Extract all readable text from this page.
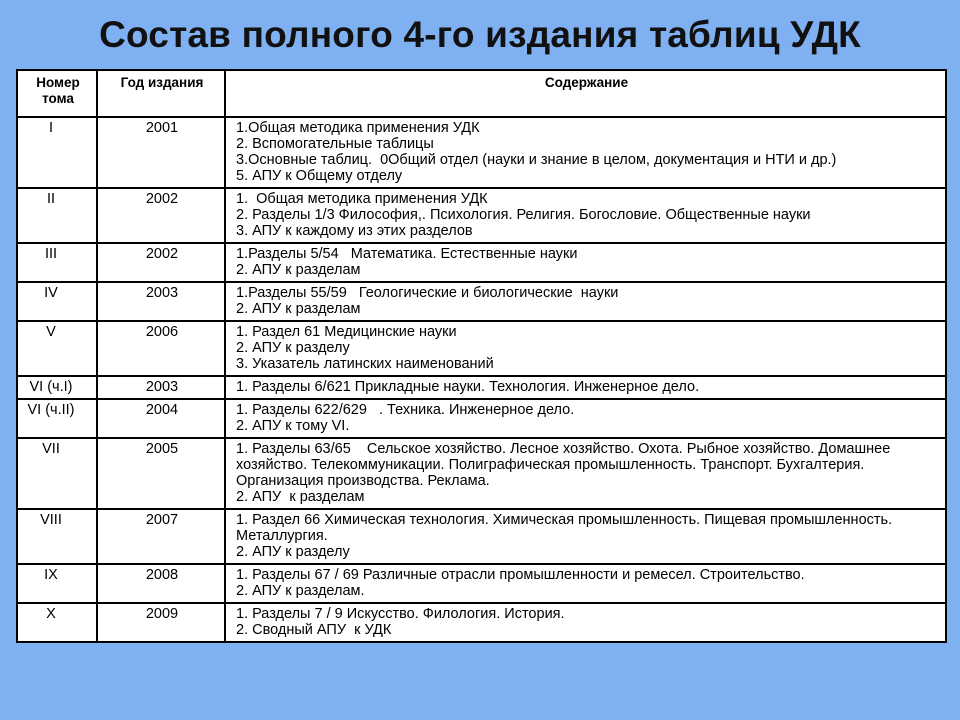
Состав полного 4-го издания таблиц УДК
Номер тома	Год издания	Содержание
I	2001	1.Общая методика применения УДК
2. Вспомогательные таблицы
3.Основные таблиц.  0Общий отдел (науки и знание в целом, документация и НТИ и др.)
5. АПУ к Общему отделу

II	2002	1.  Общая методика применения УДК
2. Разделы 1/3 Философия,. Психология. Религия. Богословие. Общественные науки
3. АПУ к каждому из этих разделов

III	2002	1.Разделы 5/54   Математика. Естественные науки
2. АПУ к разделам

IV	2003	1.Разделы 55/59   Геологические и биологические  науки
2. АПУ к разделам

V	2006	1. Раздел 61 Медицинские науки
2. АПУ к разделу
3. Указатель латинских наименований

VI (ч.I)	2003	1. Разделы 6/621 Прикладные науки. Технология. Инженерное дело.

VI (ч.II)	2004	1. Разделы 622/629   . Техника. Инженерное дело.
2. АПУ к тому VI.

VII	2005	1. Разделы 63/65    Сельское хозяйство. Лесное хозяйство. Охота. Рыбное хозяйство. Домашнее хозяйство. Телекоммуникации. Полиграфическая промышленность. Транспорт. Бухгалтерия.  Организация производства. Реклама.
2. АПУ  к разделам

VIII	2007	1. Раздел 66 Химическая технология. Химическая промышленность. Пищевая промышленность. Металлургия.
2. АПУ к разделу

IX	2008	1. Разделы 67 / 69 Различные отрасли промышленности и ремесел. Строительство.
2. АПУ к разделам.

X	2009	1. Разделы 7 / 9 Искусство. Филология. История.
2. Сводный АПУ  к УДК
